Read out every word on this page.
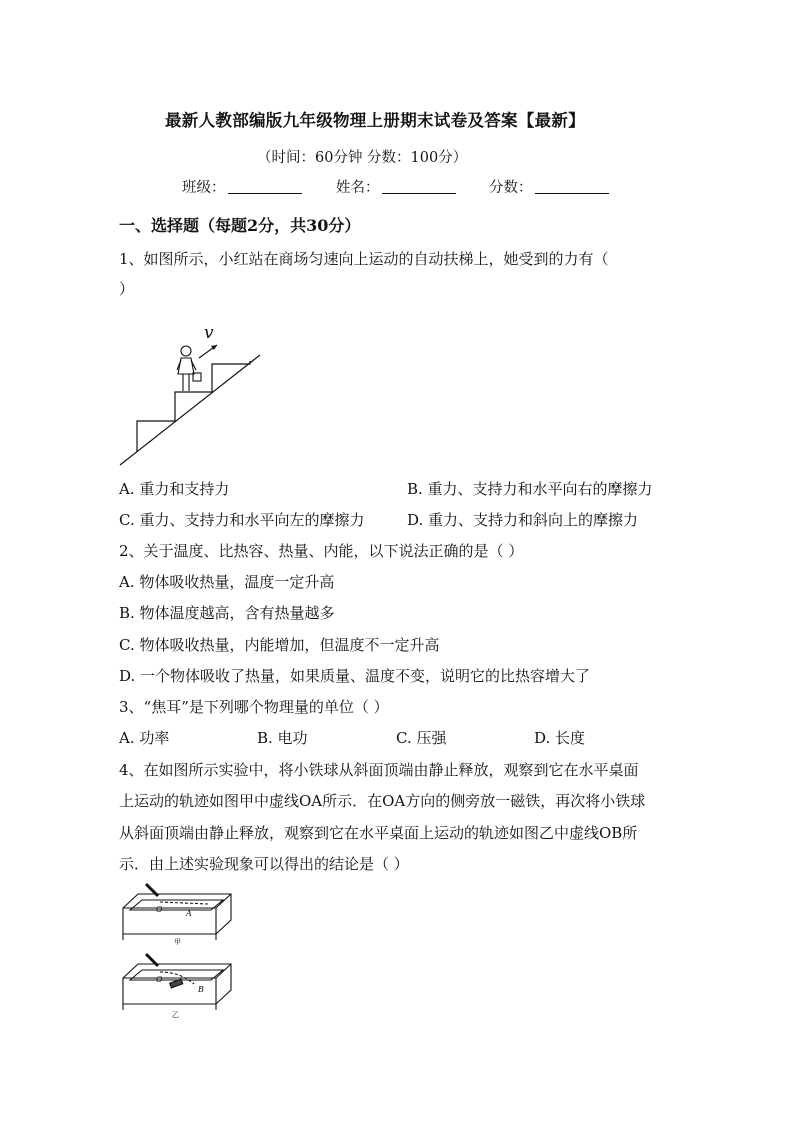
最新人教部编版九年级物理上册期末试卷及答案【最新】
（时间：60分钟 分数：100分）
班级：	姓名：	分数：
一、选择题（每题2分，共30分）
1、如图所示，小红站在商场匀速向上运动的自动扶梯上，她受到的力有（
）
v
A. 重力和支持力	B. 重力、支持力和水平向右的摩擦力
C. 重力、支持力和水平向左的摩擦力	D. 重力、支持力和斜向上的摩擦力
2、关于温度、比热容、热量、内能，以下说法正确的是（ ）
A. 物体吸收热量，温度一定升高
B. 物体温度越高，含有热量越多
C. 物体吸收热量，内能增加，但温度不一定升高
D. 一个物体吸收了热量，如果质量、温度不变，说明它的比热容增大了
3、“焦耳”是下列哪个物理量的单位（ ）
A. 功率	B. 电功	C. 压强	D. 长度
4、在如图所示实验中，将小铁球从斜面顶端由静止释放，观察到它在水平桌面
上运动的轨迹如图甲中虚线OA所示．在OA方向的侧旁放一磁铁，再次将小铁球
从斜面顶端由静止释放，观察到它在水平桌面上运动的轨迹如图乙中虚线OB所
示．由上述实验现象可以得出的结论是（ ）
O	A
甲
O
B
乙
